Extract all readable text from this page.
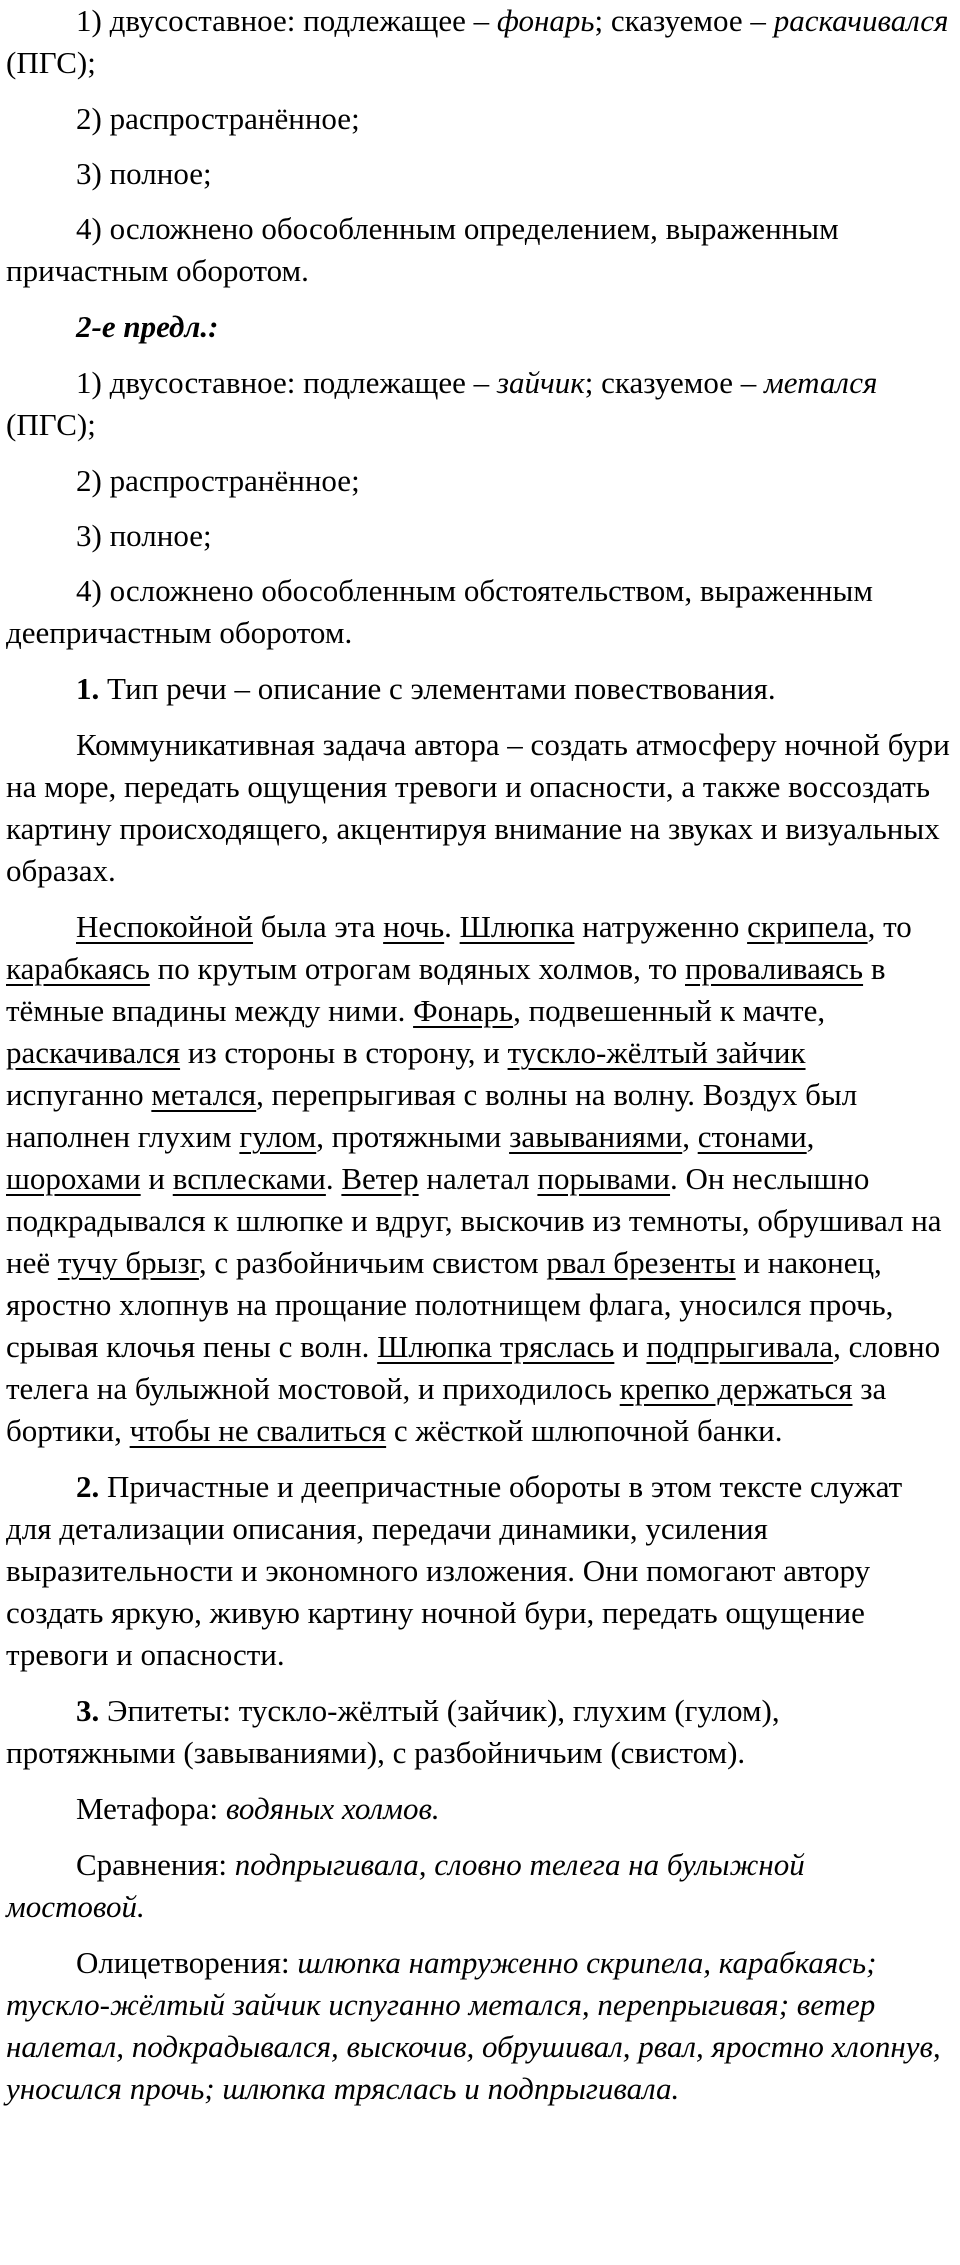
1) двусоставное: подлежащее – фонарь; сказуемое – раскачивался (ПГС);

2) распространённое;

3) полное;

4) осложнено обособленным определением, выраженным причастным оборотом.

2-е предл.:

1) двусоставное: подлежащее – зайчик; сказуемое – метался (ПГС);

2) распространённое;

3) полное;

4) осложнено обособленным обстоятельством, выраженным деепричастным оборотом.

1. Тип речи – описание с элементами повествования.

Коммуникативная задача автора – создать атмосферу ночной бури на море, передать ощущения тревоги и опасности, а также воссоздать картину происходящего, акцентируя внимание на звуках и визуальных образах.

Неспокойной была эта ночь. Шлюпка натруженно скрипела, то карабкаясь по крутым отрогам водяных холмов, то проваливаясь в тёмные впадины между ними. Фонарь, подвешенный к мачте, раскачивался из стороны в сторону, и тускло-жёлтый зайчик испуганно метался, перепрыгивая с волны на волну. Воздух был наполнен глухим гулом, протяжными завываниями, стонами, шорохами и всплесками. Ветер налетал порывами. Он неслышно подкрадывался к шлюпке и вдруг, выскочив из темноты, обрушивал на неё тучу брызг, с разбойничьим свистом рвал брезенты и наконец, яростно хлопнув на прощание полотнищем флага, уносился прочь, срывая клочья пены с волн. Шлюпка тряслась и подпрыгивала, словно телега на булыжной мостовой, и приходилось крепко держаться за бортики, чтобы не свалиться с жёсткой шлюпочной банки.

2. Причастные и деепричастные обороты в этом тексте служат для детализации описания, передачи динамики, усиления выразительности и экономного изложения. Они помогают автору создать яркую, живую картину ночной бури, передать ощущение тревоги и опасности.

3. Эпитеты: тускло-жёлтый (зайчик), глухим (гулом), протяжными (завываниями), с разбойничьим (свистом).

Метафора: водяных холмов.

Сравнения: подпрыгивала, словно телега на булыжной мостовой.

Олицетворения: шлюпка натруженно скрипела, карабкаясь; тускло-жёлтый зайчик испуганно метался, перепрыгивая; ветер налетал, подкрадывался, выскочив, обрушивал, рвал, яростно хлопнув, уносился прочь; шлюпка тряслась и подпрыгивала.
